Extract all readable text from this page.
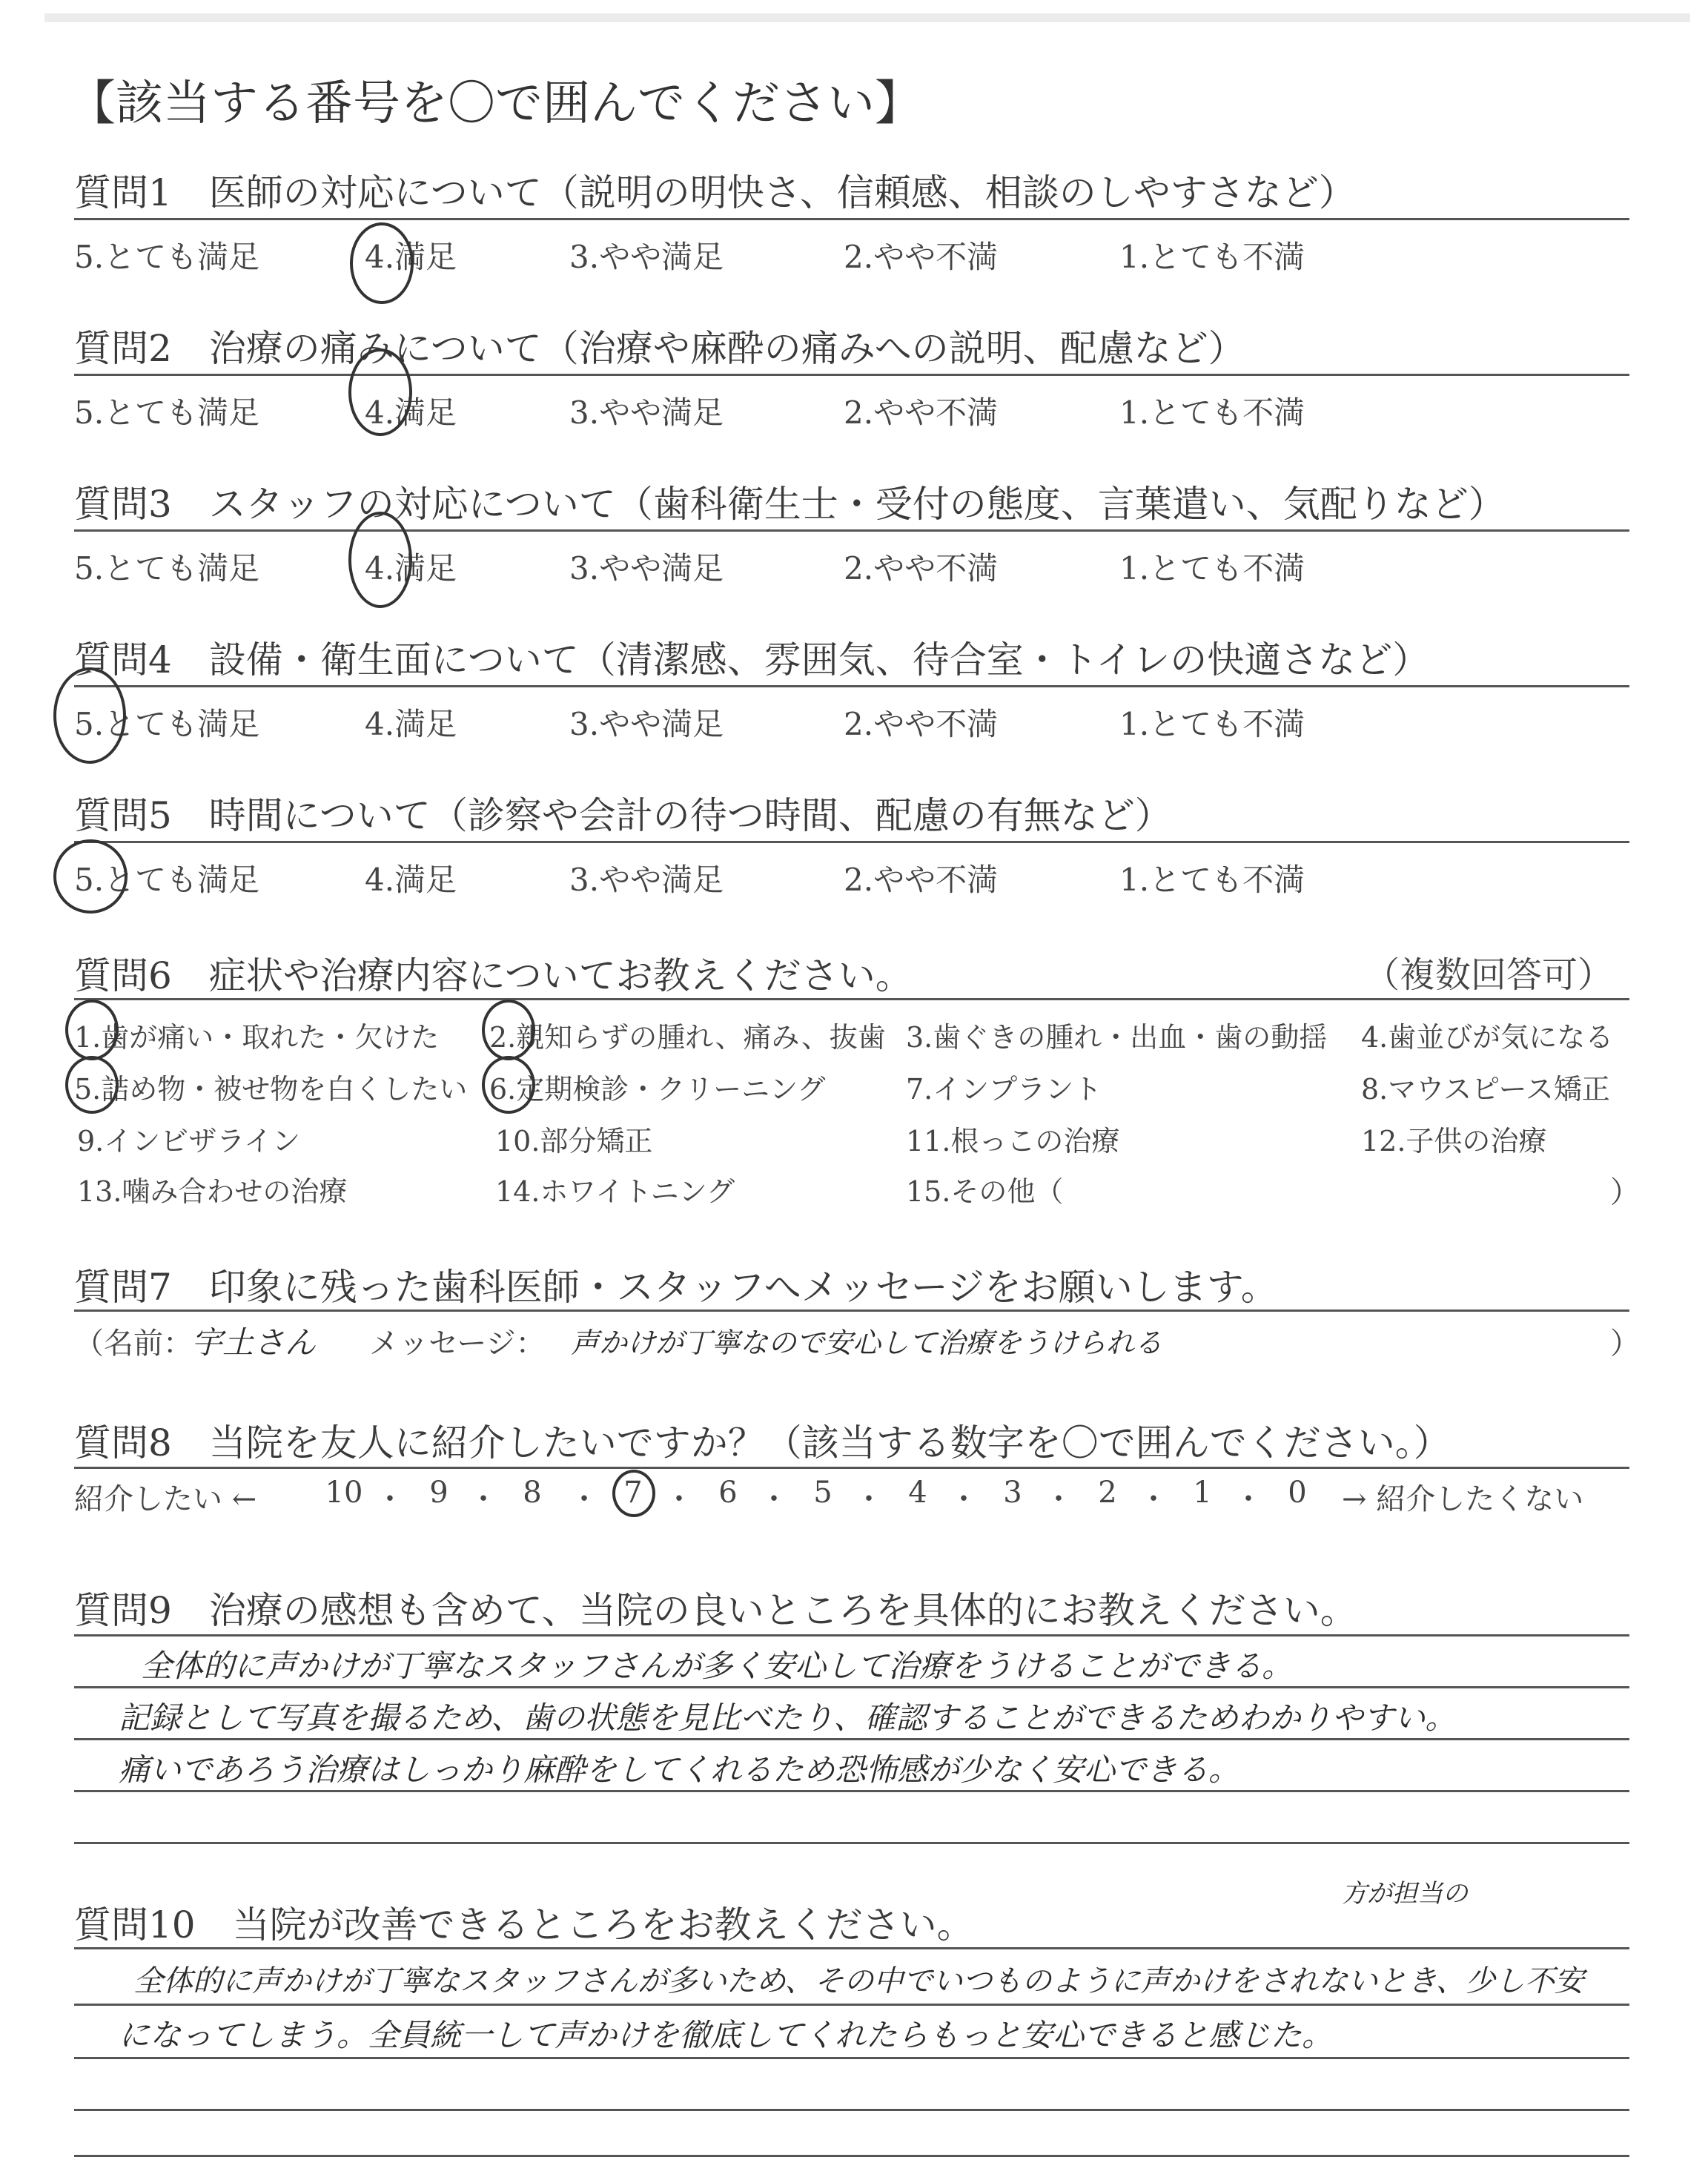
【該当する番号を〇で囲んでください】
質問1　医師の対応について（説明の明快さ、信頼感、相談のしやすさなど）
5.とても満足	4.満足	3.やや満足	2.やや不満	1.とても不満
質問2　治療の痛みについて（治療や麻酔の痛みへの説明、配慮など）
5.とても満足	4.満足	3.やや満足	2.やや不満	1.とても不満
質問3　スタッフの対応について（歯科衛生士・受付の態度、言葉遣い、気配りなど）
5.とても満足	4.満足	3.やや満足	2.やや不満	1.とても不満
質問4　設備・衛生面について（清潔感、雰囲気、待合室・トイレの快適さなど）
5.とても満足	4.満足	3.やや満足	2.やや不満	1.とても不満
質問5　時間について（診察や会計の待つ時間、配慮の有無など）
5.とても満足	4.満足	3.やや満足	2.やや不満	1.とても不満
質問6　症状や治療内容についてお教えください。	（複数回答可）
1.歯が痛い・取れた・欠けた 2.親知らずの腫れ、痛み、抜歯 3.歯ぐきの腫れ・出血・歯の動揺 4.歯並びが気になる
5.詰め物・被せ物を白くしたい 6.定期検診・クリーニング	7.インプラント	8.マウスピース矯正
9.インビザライン	10.部分矯正	11.根っこの治療	12.子供の治療
13.噛み合わせの治療	14.ホワイトニング	15.その他（	）
質問7　印象に残った歯科医師・スタッフへメッセージをお願いします。
（名前：
宇土さん メッセージ： 声かけが丁寧なので安心して治療をうけられる	）
質問8　当院を友人に紹介したいですか？（該当する数字を〇で囲んでください。）
紹介したい ←	→ 紹介したくない
10 ・ 9 ・ 8 ・ 7 ・ 6 ・ 5 ・ 4 ・ 3 ・ 2 ・ 1 ・ 0
質問9　治療の感想も含めて、当院の良いところを具体的にお教えください。
全体的に声かけが丁寧なスタッフさんが多く安心して治療をうけることができる。
記録として写真を撮るため、歯の状態を見比べたり、確認することができるためわかりやすい。
痛いであろう治療はしっかり麻酔をしてくれるため恐怖感が少なく安心できる。
質問10　当院が改善できるところをお教えください。
方が担当の
全体的に声かけが丁寧なスタッフさんが多いため、その中でいつものように声かけをされないとき、少し不安
になってしまう。全員統一して声かけを徹底してくれたらもっと安心できると感じた。
